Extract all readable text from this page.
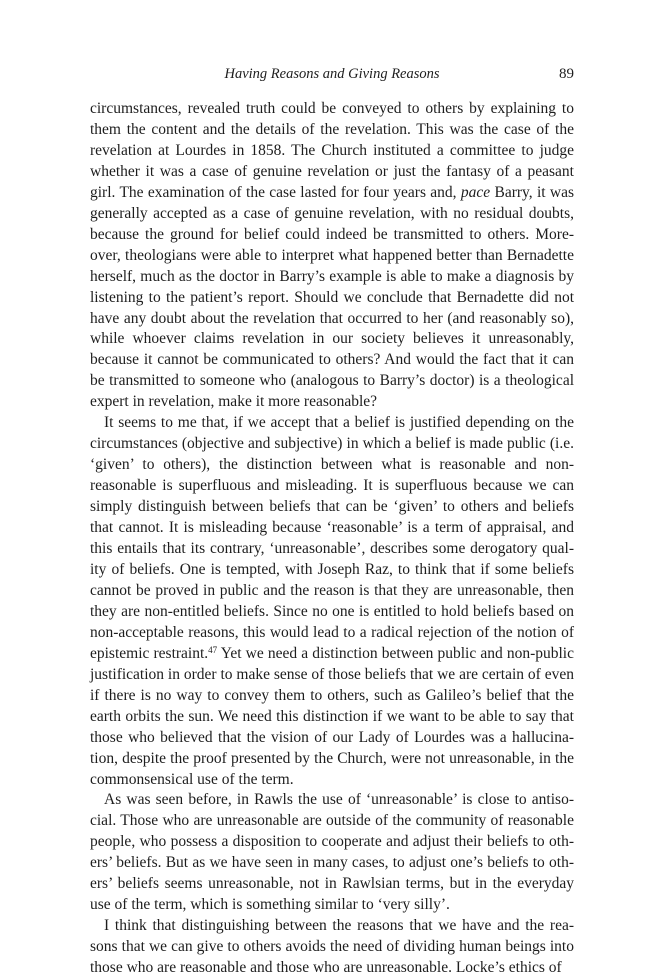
Having Reasons and Giving Reasons	89

circumstances, revealed truth could be conveyed to others by explaining to them the content and the details of the revelation. This was the case of the revelation at Lourdes in 1858. The Church instituted a committee to judge whether it was a case of genuine revelation or just the fantasy of a peasant girl. The examination of the case lasted for four years and, pace Barry, it was generally accepted as a case of genuine revelation, with no residual doubts, because the ground for belief could indeed be transmitted to others. Moreover, theologians were able to interpret what happened better than Bernadette herself, much as the doctor in Barry’s example is able to make a diagnosis by listening to the patient’s report. Should we conclude that Bernadette did not have any doubt about the revelation that occurred to her (and reasonably so), while whoever claims revelation in our society believes it unreasonably, because it cannot be communicated to others? And would the fact that it can be transmitted to someone who (analogous to Barry’s doctor) is a theological expert in revelation, make it more reasonable?

It seems to me that, if we accept that a belief is justified depending on the circumstances (objective and subjective) in which a belief is made public (i.e. ‘given’ to others), the distinction between what is reasonable and non-reasonable is superfluous and misleading. It is superfluous because we can simply distinguish between beliefs that can be ‘given’ to others and beliefs that cannot. It is misleading because ‘reasonable’ is a term of appraisal, and this entails that its contrary, ‘unreasonable’, describes some derogatory quality of beliefs. One is tempted, with Joseph Raz, to think that if some beliefs cannot be proved in public and the reason is that they are unreasonable, then they are non-entitled beliefs. Since no one is entitled to hold beliefs based on non-acceptable reasons, this would lead to a radical rejection of the notion of epistemic restraint.$^{47}$ Yet we need a distinction between public and non-public justification in order to make sense of those beliefs that we are certain of even if there is no way to convey them to others, such as Galileo’s belief that the earth orbits the sun. We need this distinction if we want to be able to say that those who believed that the vision of our Lady of Lourdes was a hallucination, despite the proof presented by the Church, were not unreasonable, in the commonsensical use of the term.

As was seen before, in Rawls the use of ‘unreasonable’ is close to antisocial. Those who are unreasonable are outside of the community of reasonable people, who possess a disposition to cooperate and adjust their beliefs to others’ beliefs. But as we have seen in many cases, to adjust one’s beliefs to others’ beliefs seems unreasonable, not in Rawlsian terms, but in the everyday use of the term, which is something similar to ‘very silly’.

I think that distinguishing between the reasons that we have and the reasons that we can give to others avoids the need of dividing human beings into those who are reasonable and those who are unreasonable. Locke’s ethics of
